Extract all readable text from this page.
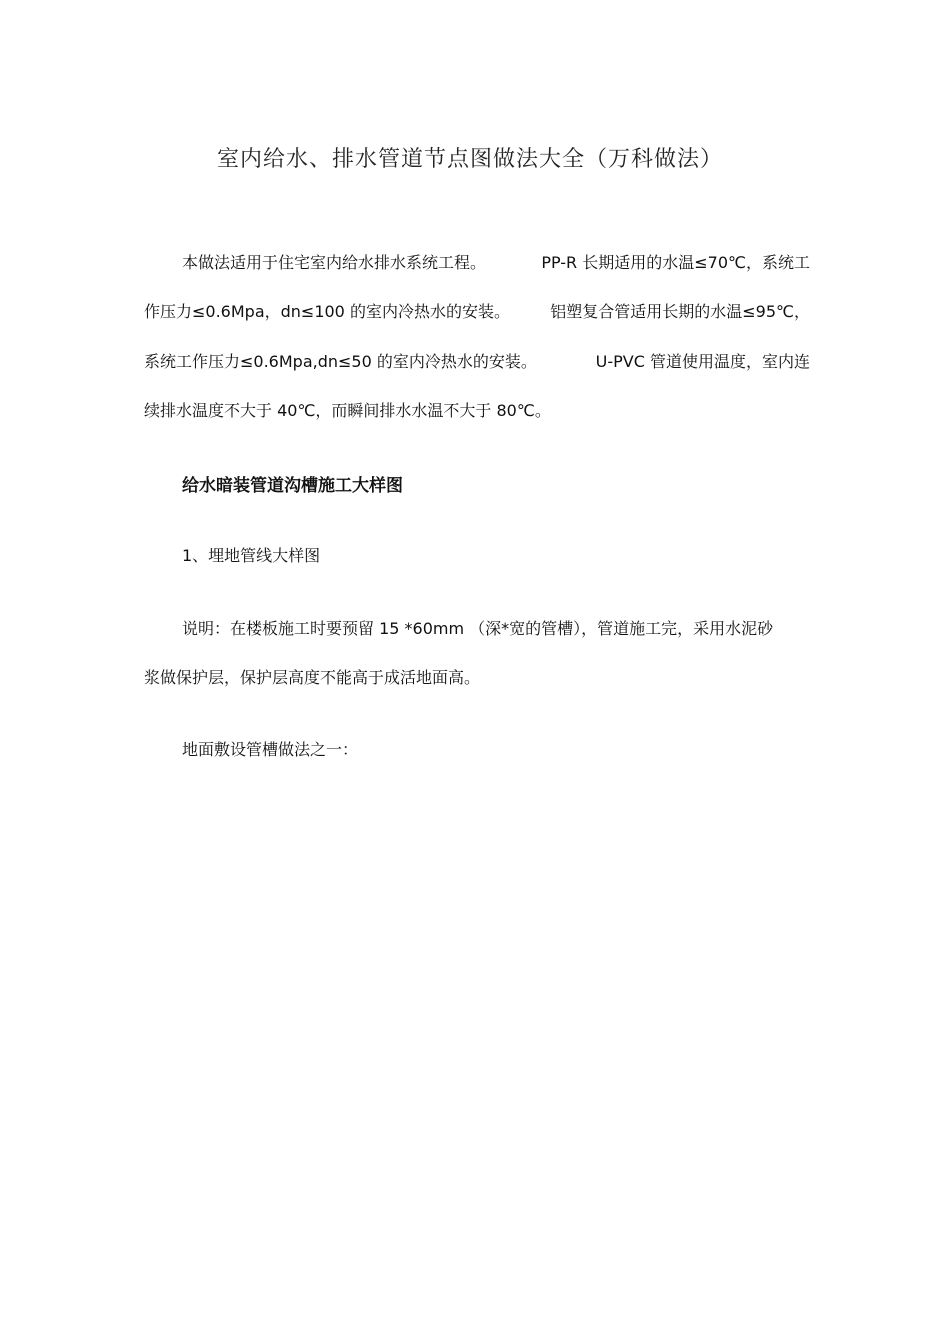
室内给水、排水管道节点图做法大全（万科做法）
本做法适用于住宅室内给水排水系统工程。	PP-R 长期适用的水温≤70℃，系统工
作压力≤0.6Mpa，dn≤100 的室内冷热水的安装。	铝塑复合管适用长期的水温≤95℃，
系统工作压力≤0.6Mpa,dn≤50 的室内冷热水的安装。	U-PVC 管道使用温度，室内连
续排水温度不大于 40℃，而瞬间排水水温不大于 80℃。
给水暗装管道沟槽施工大样图
1、埋地管线大样图
说明：在楼板施工时要预留 15 *60mm （深*宽的管槽），管道施工完，采用水泥砂
浆做保护层，保护层高度不能高于成活地面高。
地面敷设管槽做法之一：
